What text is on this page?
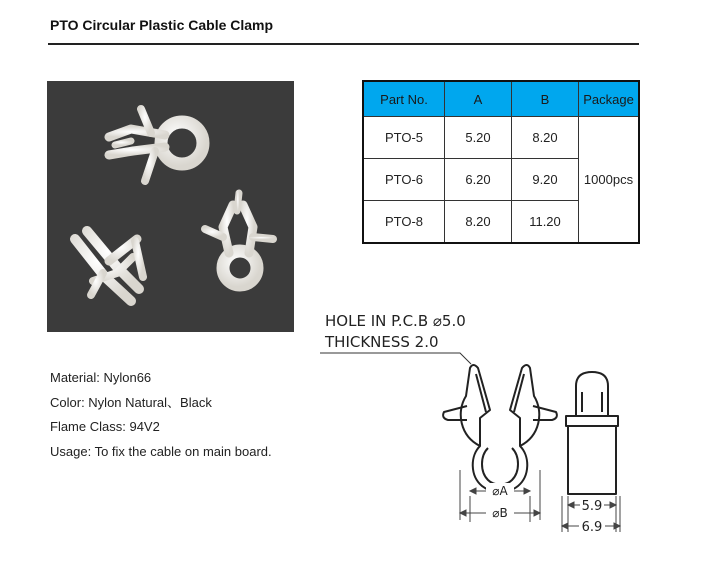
PTO Circular Plastic Cable Clamp
Part No.	A	B	Package
PTO-5	5.20	8.20	1000pcs
PTO-6	6.20	9.20	
PTO-8	8.20	11.20	
Material: Nylon66
Color: Nylon Natural、Black
Flame Class: 94V2
Usage: To fix the cable on main board.
HOLE IN P.C.B ⌀5.0
THICKNESS 2.0
⌀A
⌀B	5.9
6.9
